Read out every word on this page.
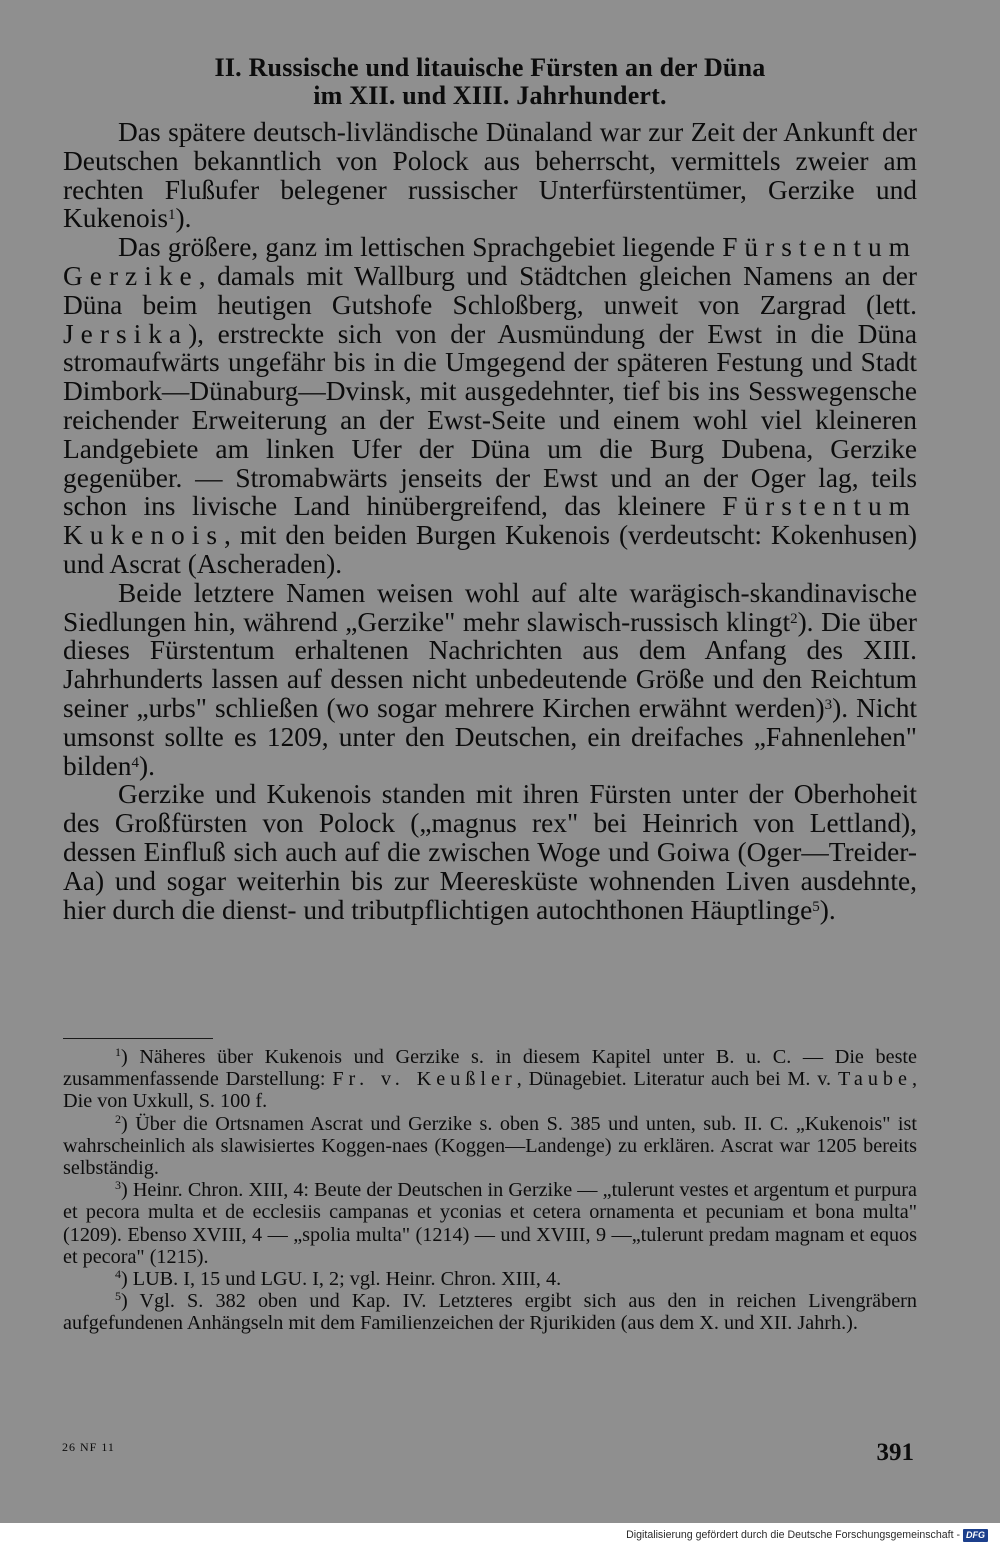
II. Russische und litauische Fürsten an der Düna
im XII. und XIII. Jahrhundert.

Das spätere deutsch-livländische Dünaland war zur Zeit der Ankunft der Deutschen bekanntlich von Polock aus beherrscht, vermittels zweier am rechten Flußufer belegener russischer Unterfürstentümer, Gerzike und Kukenois$^1$).

Das größere, ganz im lettischen Sprachgebiet liegende Fürstentum Gerzike, damals mit Wallburg und Städtchen gleichen Namens an der Düna beim heutigen Gutshofe Schloßberg, unweit von Zargrad (lett. Jersika), erstreckte sich von der Ausmündung der Ewst in die Düna stromaufwärts ungefähr bis in die Umgegend der späteren Festung und Stadt Dimbork—Dünaburg—Dvinsk, mit ausgedehnter, tief bis ins Sesswegensche reichender Erweiterung an der Ewst-Seite und einem wohl viel kleineren Landgebiete am linken Ufer der Düna um die Burg Dubena, Gerzike gegenüber. — Stromabwärts jenseits der Ewst und an der Oger lag, teils schon ins livische Land hinübergreifend, das kleinere Fürstentum Kukenois, mit den beiden Burgen Kukenois (verdeutscht: Kokenhusen) und Ascrat (Ascheraden).

Beide letztere Namen weisen wohl auf alte warägisch-skandinavische Siedlungen hin, während „Gerzike" mehr slawisch-russisch klingt$^2$). Die über dieses Fürstentum erhaltenen Nachrichten aus dem Anfang des XIII. Jahrhunderts lassen auf dessen nicht unbedeutende Größe und den Reichtum seiner „urbs" schließen (wo sogar mehrere Kirchen erwähnt werden)$^3$). Nicht umsonst sollte es 1209, unter den Deutschen, ein dreifaches „Fahnenlehen" bilden$^4$).

Gerzike und Kukenois standen mit ihren Fürsten unter der Oberhoheit des Großfürsten von Polock („magnus rex" bei Heinrich von Lettland), dessen Einfluß sich auch auf die zwischen Woge und Goiwa (Oger—Treider-Aa) und sogar weiterhin bis zur Meeresküste wohnenden Liven ausdehnte, hier durch die dienst- und tributpflichtigen autochthonen Häuptlinge$^5$).

$^1$) Näheres über Kukenois und Gerzike s. in diesem Kapitel unter B. u. C. — Die beste zusammenfassende Darstellung: Fr. v. Keußler, Dünagebiet. Literatur auch bei M. v. Taube, Die von Uxkull, S. 100 f.

$^2$) Über die Ortsnamen Ascrat und Gerzike s. oben S. 385 und unten, sub. II. C. „Kukenois" ist wahrscheinlich als slawisiertes Koggen-naes (Koggen—Landenge) zu erklären. Ascrat war 1205 bereits selbständig.

$^3$) Heinr. Chron. XIII, 4: Beute der Deutschen in Gerzike — „tulerunt vestes et argentum et purpura et pecora multa et de ecclesiis campanas et yconias et cetera ornamenta et pecuniam et bona multa" (1209). Ebenso XVIII, 4 — „spolia multa" (1214) — und XVIII, 9 —„tulerunt predam magnam et equos et pecora" (1215).

$^4$) LUB. I, 15 und LGU. I, 2; vgl. Heinr. Chron. XIII, 4.

$^5$) Vgl. S. 382 oben und Kap. IV. Letzteres ergibt sich aus den in reichen Livengräbern aufgefundenen Anhängseln mit dem Familienzeichen der Rjurikiden (aus dem X. und XII. Jahrh.).

26 NF 11	391
Digitalisierung gefördert durch die Deutsche Forschungsgemeinschaft - DFG
